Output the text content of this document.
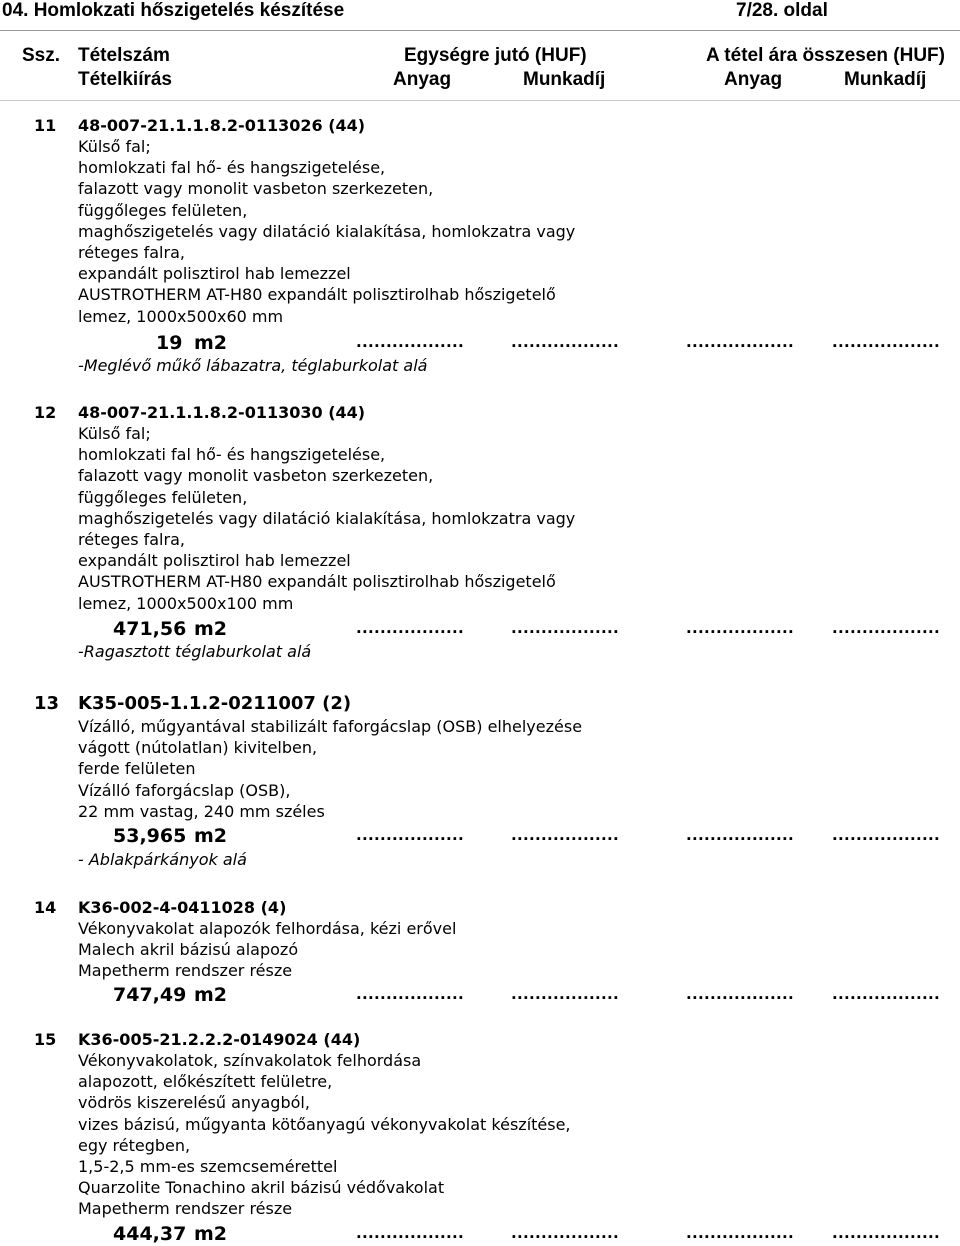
04. Homlokzati hőszigetelés készítése	7/28. oldal
Ssz. Tételszám
Tételkiírás
Egységre jutó (HUF)	A tétel ára összesen (HUF)
Anyag	Munkadíj	Anyag	Munkadíj
11 48-007-21.1.1.8.2-0113026 (44)
Külső fal;
homlokzati fal hő- és hangszigetelése,
falazott vagy monolit vasbeton szerkezeten,
függőleges felületen,
maghőszigetelés vagy dilatáció kialakítása, homlokzatra vagy
réteges falra,
expandált polisztirol hab lemezzel
AUSTROTHERM AT-H80 expandált polisztirolhab hőszigetelő
lemez, 1000x500x60 mm
19 m2	..................	..................	..................	..................
-Meglévő műkő lábazatra, téglaburkolat alá
12 48-007-21.1.1.8.2-0113030 (44)
Külső fal;
homlokzati fal hő- és hangszigetelése,
falazott vagy monolit vasbeton szerkezeten,
függőleges felületen,
maghőszigetelés vagy dilatáció kialakítása, homlokzatra vagy
réteges falra,
expandált polisztirol hab lemezzel
AUSTROTHERM AT-H80 expandált polisztirolhab hőszigetelő
lemez, 1000x500x100 mm
471,56 m2	..................	..................	..................	..................
-Ragasztott téglaburkolat alá
13 K35-005-1.1.2-0211007 (2)
Vízálló, műgyantával stabilizált faforgácslap (OSB) elhelyezése
vágott (nútolatlan) kivitelben,
ferde felületen
Vízálló faforgácslap (OSB),
22 mm vastag, 240 mm széles
53,965 m2	..................	..................	..................	..................
- Ablakpárkányok alá
14 K36-002-4-0411028 (4)
Vékonyvakolat alapozók felhordása, kézi erővel
Malech akril bázisú alapozó
Mapetherm rendszer része
747,49 m2	..................	..................	..................	..................
15 K36-005-21.2.2.2-0149024 (44)
Vékonyvakolatok, színvakolatok felhordása
alapozott, előkészített felületre,
vödrös kiszerelésű anyagból,
vizes bázisú, műgyanta kötőanyagú vékonyvakolat készítése,
egy rétegben,
1,5-2,5 mm-es szemcsemérettel
Quarzolite Tonachino akril bázisú védővakolat
Mapetherm rendszer része
444,37 m2	..................	..................	..................	..................
